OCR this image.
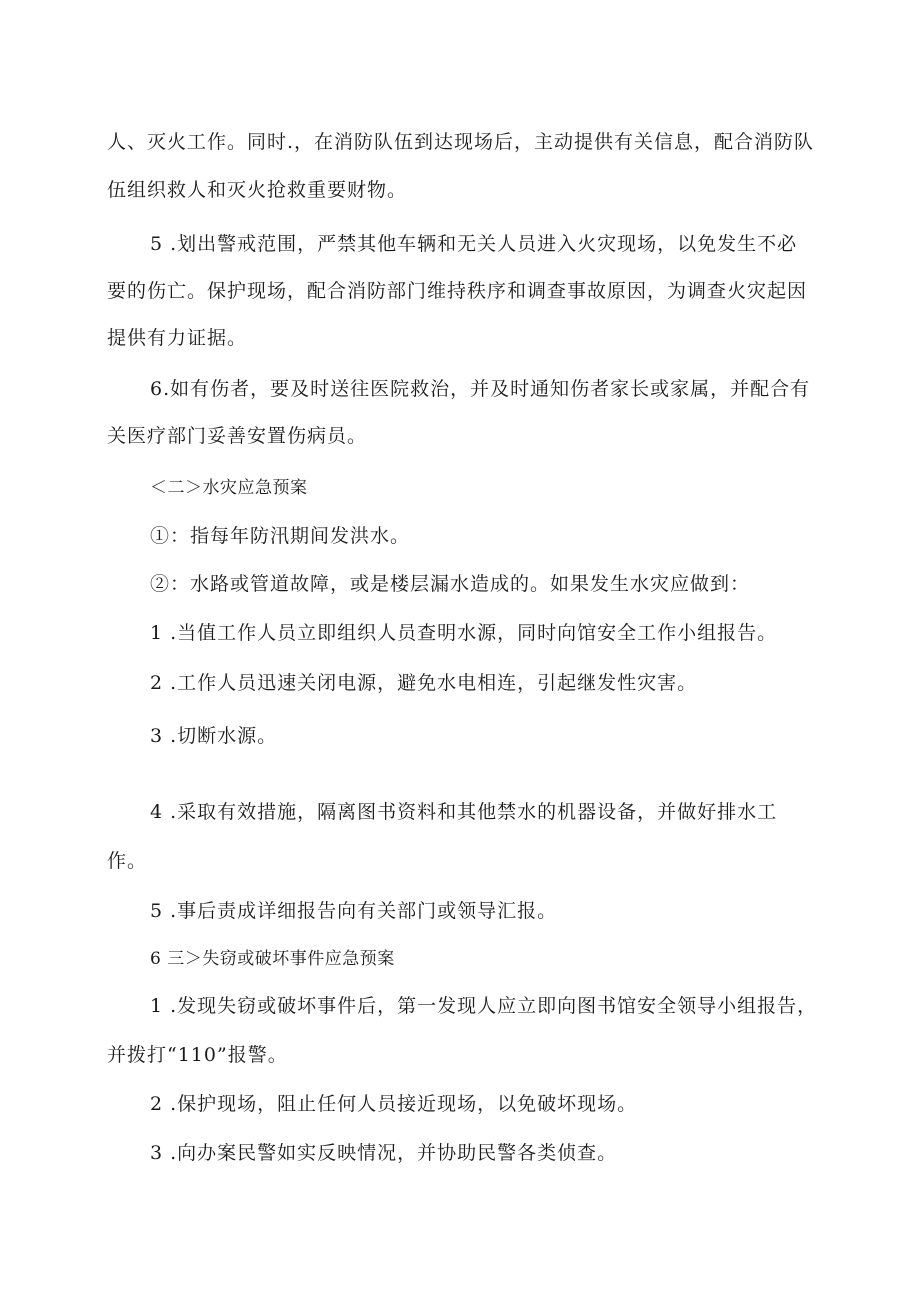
人、灭火工作。同时.，在消防队伍到达现场后，主动提供有关信息，配合消防队

伍组织救人和灭火抢救重要财物。

5 .划出警戒范围，严禁其他车辆和无关人员进入火灾现场，以免发生不必

要的伤亡。保护现场，配合消防部门维持秩序和调查事故原因，为调查火灾起因

提供有力证据。

6.如有伤者，要及时送往医院救治，并及时通知伤者家长或家属，并配合有

关医疗部门妥善安置伤病员。

＜二＞水灾应急预案

①：指每年防汛期间发洪水。

②：水路或管道故障，或是楼层漏水造成的。如果发生水灾应做到：

1 .当值工作人员立即组织人员查明水源，同时向馆安全工作小组报告。

2 .工作人员迅速关闭电源，避免水电相连，引起继发性灾害。

3 .切断水源。

4 .采取有效措施，隔离图书资料和其他禁水的机器设备，并做好排水工

作。

5 .事后责成详细报告向有关部门或领导汇报。

6 三＞失窃或破坏事件应急预案

1 .发现失窃或破坏事件后，第一发现人应立即向图书馆安全领导小组报告，

并拨打“110”报警。

2 .保护现场，阻止任何人员接近现场，以免破坏现场。

3 .向办案民警如实反映情况，并协助民警各类侦查。
